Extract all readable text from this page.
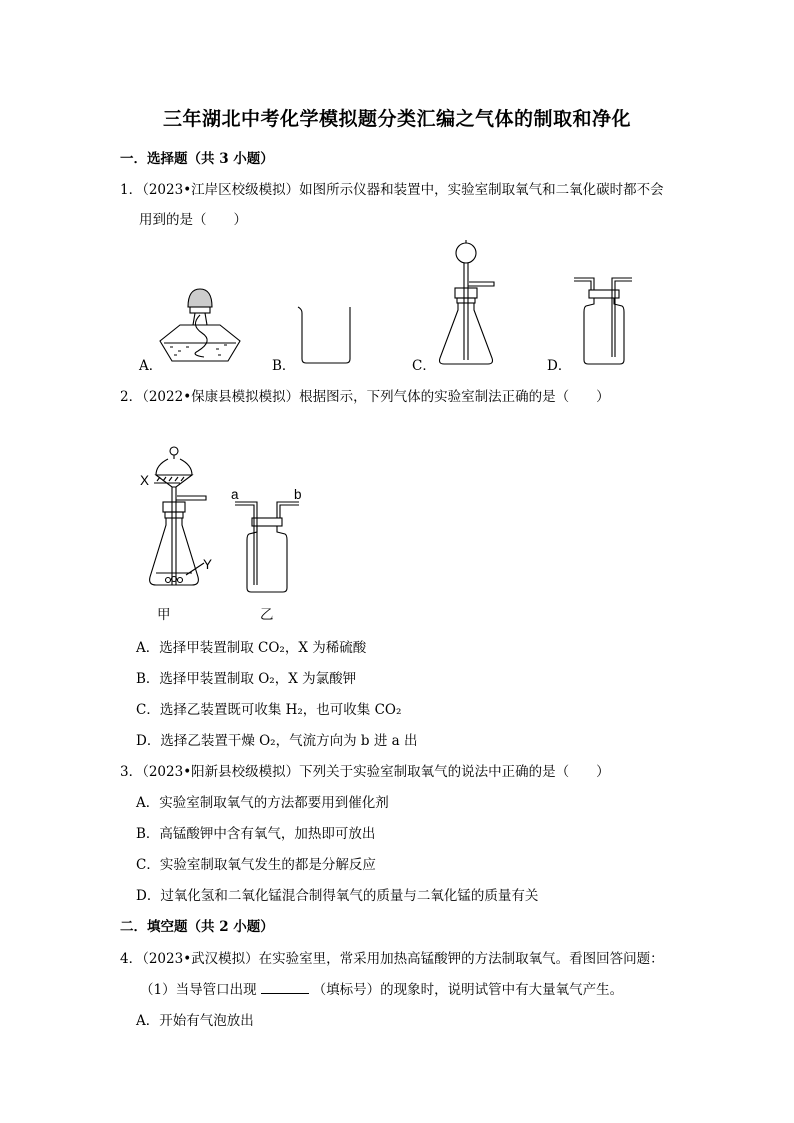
三年湖北中考化学模拟题分类汇编之气体的制取和净化
一．选择题（共 3 小题）
1．（2023•江岸区校级模拟）如图所示仪器和装置中，实验室制取氧气和二氧化碳时都不会
用到的是（　　）
A．	B．	C．	D．
2．（2022•保康县模拟模拟）根据图示，下列气体的实验室制法正确的是（　　）
X
Y
甲
a	b
乙
A．选择甲装置制取 CO₂，X 为稀硫酸
B．选择甲装置制取 O₂，X 为氯酸钾
C．选择乙装置既可收集 H₂，也可收集 CO₂
D．选择乙装置干燥 O₂，气流方向为 b 进 a 出
3．（2023•阳新县校级模拟）下列关于实验室制取氧气的说法中正确的是（　　）
A．实验室制取氧气的方法都要用到催化剂
B．高锰酸钾中含有氧气，加热即可放出
C．实验室制取氧气发生的都是分解反应
D．过氧化氢和二氧化锰混合制得氧气的质量与二氧化锰的质量有关
二．填空题（共 2 小题）
4．（2023•武汉模拟）在实验室里，常采用加热高锰酸钾的方法制取氧气。看图回答问题：
（1）当导管口出现	（填标号）的现象时，说明试管中有大量氧气产生。
A．开始有气泡放出
